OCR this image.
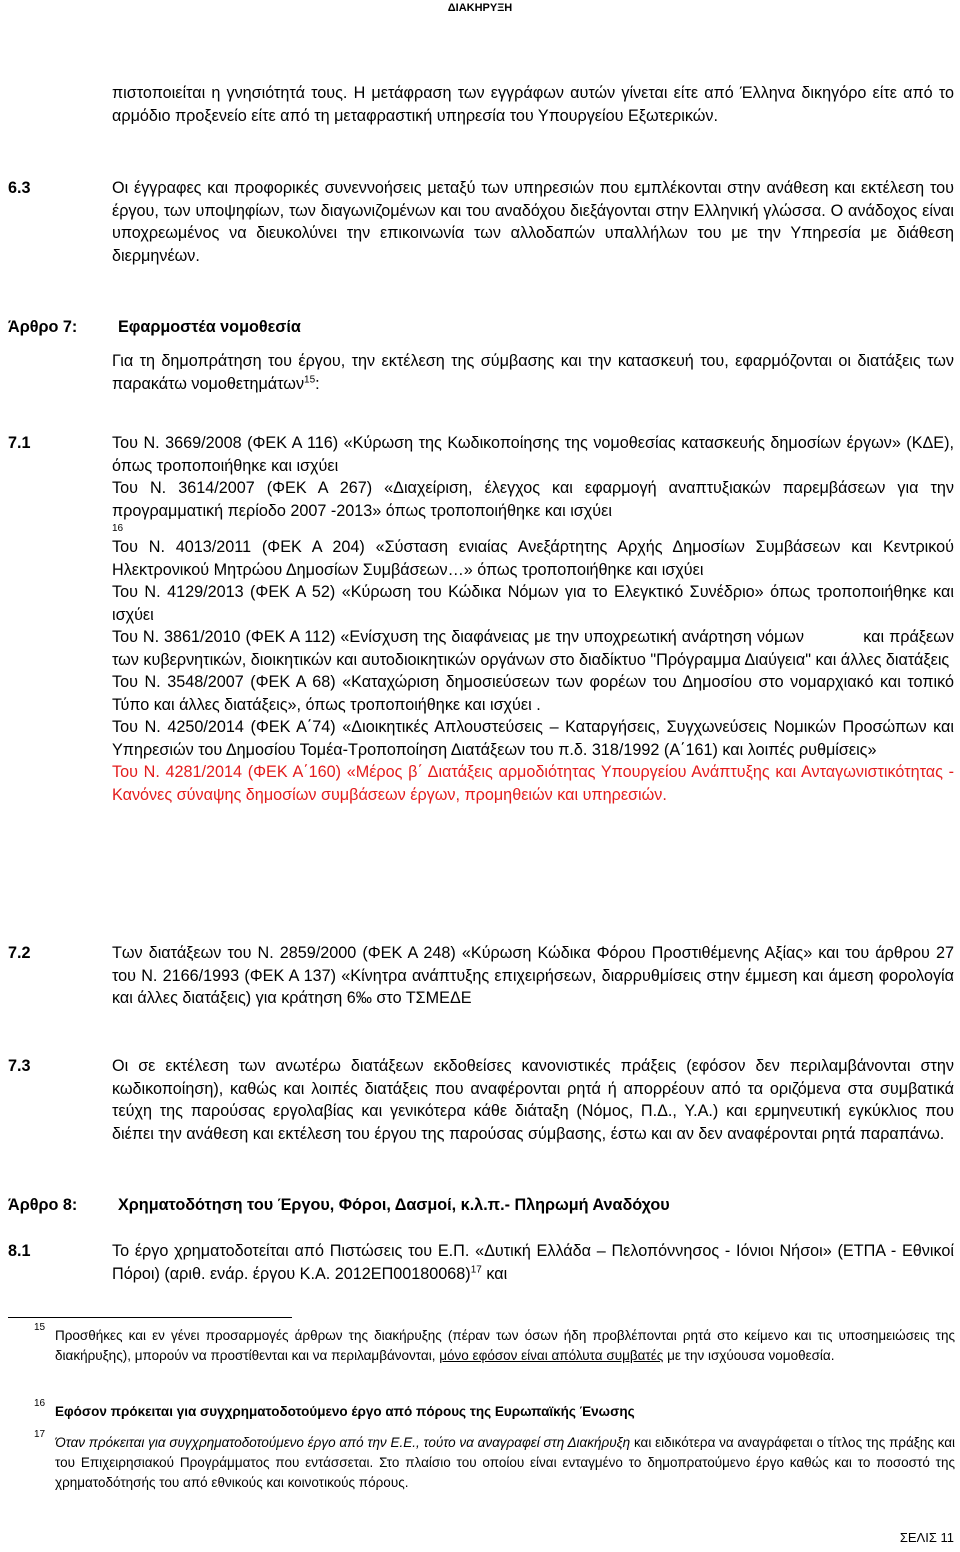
ΔΙΑΚΗΡΥΞΗ
πιστοποιείται η γνησιότητά τους. Η μετάφραση των εγγράφων αυτών γίνεται είτε από Έλληνα δικηγόρο είτε από το αρμόδιο προξενείο είτε από τη μεταφραστική υπηρεσία του Υπουργείου Εξωτερικών.
6.3	Οι έγγραφες και προφορικές συνεννοήσεις μεταξύ των υπηρεσιών που εμπλέκονται στην ανάθεση και εκτέλεση του έργου, των υποψηφίων, των διαγωνιζομένων και του αναδόχου διεξάγονται στην Ελληνική γλώσσα. Ο ανάδοχος είναι υποχρεωμένος να διευκολύνει την επικοινωνία των αλλοδαπών υπαλλήλων του με την Υπηρεσία με διάθεση διερμηνέων.
Άρθρο 7:	Εφαρμοστέα νομοθεσία
Για τη δημοπράτηση του έργου, την εκτέλεση της σύμβασης και την κατασκευή του, εφαρμόζονται οι διατάξεις των παρακάτω νομοθετημάτων$^{15}$:
7.1	Του Ν. 3669/2008 (ΦΕΚ Α 116) «Κύρωση της Κωδικοποίησης της νομοθεσίας κατασκευής δημοσίων έργων» (ΚΔΕ), όπως τροποποιήθηκε και ισχύει
Του Ν. 3614/2007 (ΦΕΚ Α 267) «Διαχείριση, έλεγχος και εφαρμογή αναπτυξιακών παρεμβάσεων για την προγραμματική περίοδο 2007 -2013» όπως τροποποιήθηκε και ισχύει
16
Του Ν. 4013/2011 (ΦΕΚ Α 204) «Σύσταση ενιαίας Ανεξάρτητης Αρχής Δημοσίων Συμβάσεων και Κεντρικού Ηλεκτρονικού Μητρώου Δημοσίων Συμβάσεων…» όπως τροποποιήθηκε και ισχύει
Του Ν. 4129/2013 (ΦΕΚ Α 52) «Κύρωση του Κώδικα Νόμων για το Ελεγκτικό Συνέδριο» όπως τροποποιήθηκε και ισχύει
Του Ν. 3861/2010 (ΦΕΚ Α 112) «Ενίσχυση της διαφάνειας με την υποχρεωτική ανάρτηση νόμων            και πράξεων των κυβερνητικών, διοικητικών και αυτοδιοικητικών οργάνων στο διαδίκτυο "Πρόγραμμα Διαύγεια" και άλλες διατάξεις
Του Ν. 3548/2007 (ΦΕΚ Α 68) «Καταχώριση δημοσιεύσεων των φορέων του Δημοσίου στο νομαρχιακό και τοπικό Τύπο και άλλες διατάξεις», όπως τροποποιήθηκε και ισχύει .
Του Ν. 4250/2014 (ΦΕΚ Α΄74) «Διοικητικές Απλουστεύσεις – Καταργήσεις, Συγχωνεύσεις Νομικών Προσώπων και Υπηρεσιών του Δημοσίου Τομέα-Τροποποίηση Διατάξεων του π.δ. 318/1992 (Α΄161) και λοιπές ρυθμίσεις»
Του Ν. 4281/2014 (ΦΕΚ Α΄160) «Μέρος β΄ Διατάξεις αρμοδιότητας Υπουργείου Ανάπτυξης και Ανταγωνιστικότητας - Κανόνες σύναψης δημοσίων συμβάσεων έργων, προμηθειών και υπηρεσιών.
7.2	Των διατάξεων του Ν. 2859/2000 (ΦΕΚ Α 248) «Κύρωση Κώδικα Φόρου Προστιθέμενης Αξίας» και του άρθρου 27 του Ν. 2166/1993 (ΦΕΚ Α 137) «Κίνητρα ανάπτυξης επιχειρήσεων, διαρρυθμίσεις στην έμμεση και άμεση φορολογία και άλλες διατάξεις) για κράτηση 6‰ στο ΤΣΜΕΔΕ
7.3	Οι σε εκτέλεση των ανωτέρω διατάξεων εκδοθείσες κανονιστικές πράξεις (εφόσον δεν περιλαμβάνονται στην κωδικοποίηση), καθώς και λοιπές διατάξεις που αναφέρονται ρητά ή απορρέουν από τα οριζόμενα στα συμβατικά τεύχη της παρούσας εργολαβίας και γενικότερα κάθε διάταξη (Νόμος, Π.Δ., Υ.Α.) και ερμηνευτική εγκύκλιος που διέπει την ανάθεση και εκτέλεση του έργου της παρούσας σύμβασης, έστω και αν δεν αναφέρονται ρητά παραπάνω.
Άρθρο 8:	Χρηματοδότηση του Έργου, Φόροι, Δασμοί, κ.λ.π.- Πληρωμή Αναδόχου
8.1	Το έργο χρηματοδοτείται από Πιστώσεις του Ε.Π. «Δυτική Ελλάδα – Πελοπόννησος - Ιόνιοι Νήσοι» (ΕΤΠΑ - Εθνικοί Πόροι) (αριθ. ενάρ. έργου Κ.Α. 2012ΕΠ00180068)$^{17}$ και
15
Προσθήκες και εν γένει προσαρμογές άρθρων της διακήρυξης (πέραν των όσων ήδη προβλέπονται ρητά στο κείμενο και τις υποσημειώσεις της διακήρυξης), μπορούν να προστίθενται και να περιλαμβάνονται, μόνο εφόσον είναι απόλυτα συμβατές με την ισχύουσα νομοθεσία.
16
Εφόσον πρόκειται για συγχρηματοδοτούμενο έργο από πόρους της Ευρωπαϊκής Ένωσης
17
Όταν πρόκειται για συγχρηματοδοτούμενο έργο από την Ε.Ε., τούτο να αναγραφεί στη Διακήρυξη και ειδικότερα να αναγράφεται ο τίτλος της πράξης και του Επιχειρησιακού Προγράμματος που εντάσσεται. Στο πλαίσιο του οποίου είναι ενταγμένο το δημοπρατούμενο έργο καθώς και το ποσοστό της χρηματοδότησής του από εθνικούς και κοινοτικούς πόρους.
ΣΕΛΙΣ 11
